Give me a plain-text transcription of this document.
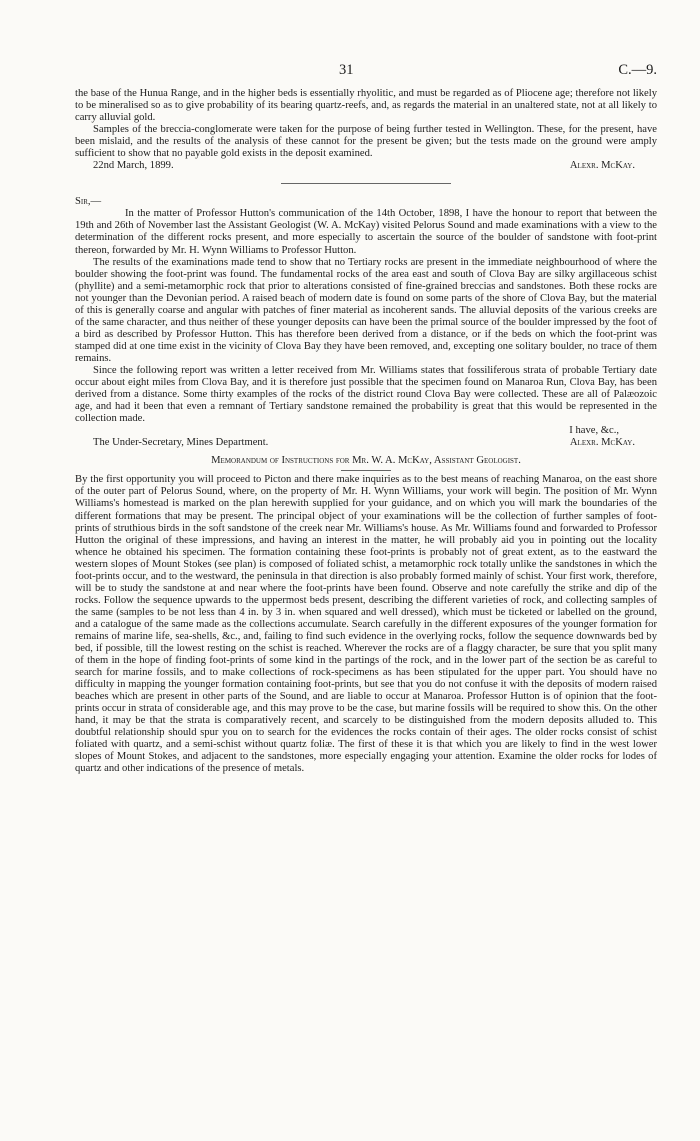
31	C.—9.

the base of the Hunua Range, and in the higher beds is essentially rhyolitic, and must be regarded as of Pliocene age; therefore not likely to be mineralised so as to give probability of its bearing quartz-reefs, and, as regards the material in an unaltered state, not at all likely to carry alluvial gold.

Samples of the breccia-conglomerate were taken for the purpose of being further tested in Wellington. These, for the present, have been mislaid, and the results of the analysis of these cannot for the present be given; but the tests made on the ground were amply sufficient to show that no payable gold exists in the deposit examined.

22nd March, 1899.	Alexr. McKay.

Sir,—

In the matter of Professor Hutton's communication of the 14th October, 1898, I have the honour to report that between the 19th and 26th of November last the Assistant Geologist (W. A. McKay) visited Pelorus Sound and made examinations with a view to the determination of the different rocks present, and more especially to ascertain the source of the boulder of sandstone with foot-print thereon, forwarded by Mr. H. Wynn Williams to Professor Hutton.

The results of the examinations made tend to show that no Tertiary rocks are present in the immediate neighbourhood of where the boulder showing the foot-print was found. The fundamental rocks of the area east and south of Clova Bay are silky argillaceous schist (phyllite) and a semi-metamorphic rock that prior to alterations consisted of fine-grained breccias and sandstones. Both these rocks are not younger than the Devonian period. A raised beach of modern date is found on some parts of the shore of Clova Bay, but the material of this is generally coarse and angular with patches of finer material as incoherent sands. The alluvial deposits of the various creeks are of the same character, and thus neither of these younger deposits can have been the primal source of the boulder impressed by the foot of a bird as described by Professor Hutton. This has therefore been derived from a distance, or if the beds on which the foot-print was stamped did at one time exist in the vicinity of Clova Bay they have been removed, and, excepting one solitary boulder, no trace of them remains.

Since the following report was written a letter received from Mr. Williams states that fossiliferous strata of probable Tertiary date occur about eight miles from Clova Bay, and it is therefore just possible that the specimen found on Manaroa Run, Clova Bay, has been derived from a distance. Some thirty examples of the rocks of the district round Clova Bay were collected. These are all of Palæozoic age, and had it been that even a remnant of Tertiary sandstone remained the probability is great that this would be represented in the collection made.

I have, &c.,
The Under-Secretary, Mines Department.	Alexr. McKay.

Memorandum of Instructions for Mr. W. A. McKay, Assistant Geologist.

By the first opportunity you will proceed to Picton and there make inquiries as to the best means of reaching Manaroa, on the east shore of the outer part of Pelorus Sound, where, on the property of Mr. H. Wynn Williams, your work will begin. The position of Mr. Wynn Williams's homestead is marked on the plan herewith supplied for your guidance, and on which you will mark the boundaries of the different formations that may be present. The principal object of your examinations will be the collection of further samples of foot-prints of struthious birds in the soft sandstone of the creek near Mr. Williams's house. As Mr. Williams found and forwarded to Professor Hutton the original of these impressions, and having an interest in the matter, he will probably aid you in pointing out the locality whence he obtained his specimen. The formation containing these foot-prints is probably not of great extent, as to the eastward the western slopes of Mount Stokes (see plan) is composed of foliated schist, a metamorphic rock totally unlike the sandstones in which the foot-prints occur, and to the westward, the peninsula in that direction is also probably formed mainly of schist. Your first work, therefore, will be to study the sandstone at and near where the foot-prints have been found. Observe and note carefully the strike and dip of the rocks. Follow the sequence upwards to the uppermost beds present, describing the different varieties of rock, and collecting samples of the same (samples to be not less than 4 in. by 3 in. when squared and well dressed), which must be ticketed or labelled on the ground, and a catalogue of the same made as the collections accumulate. Search carefully in the different exposures of the younger formation for remains of marine life, sea-shells, &c., and, failing to find such evidence in the overlying rocks, follow the sequence downwards bed by bed, if possible, till the lowest resting on the schist is reached. Wherever the rocks are of a flaggy character, be sure that you split many of them in the hope of finding foot-prints of some kind in the partings of the rock, and in the lower part of the section be as careful to search for marine fossils, and to make collections of rock-specimens as has been stipulated for the upper part. You should have no difficulty in mapping the younger formation containing foot-prints, but see that you do not confuse it with the deposits of modern raised beaches which are present in other parts of the Sound, and are liable to occur at Manaroa. Professor Hutton is of opinion that the foot-prints occur in strata of considerable age, and this may prove to be the case, but marine fossils will be required to show this. On the other hand, it may be that the strata is comparatively recent, and scarcely to be distinguished from the modern deposits alluded to. This doubtful relationship should spur you on to search for the evidences the rocks contain of their ages. The older rocks consist of schist foliated with quartz, and a semi-schist without quartz foliæ. The first of these it is that which you are likely to find in the west lower slopes of Mount Stokes, and adjacent to the sandstones, more especially engaging your attention. Examine the older rocks for lodes of quartz and other indications of the presence of metals.
